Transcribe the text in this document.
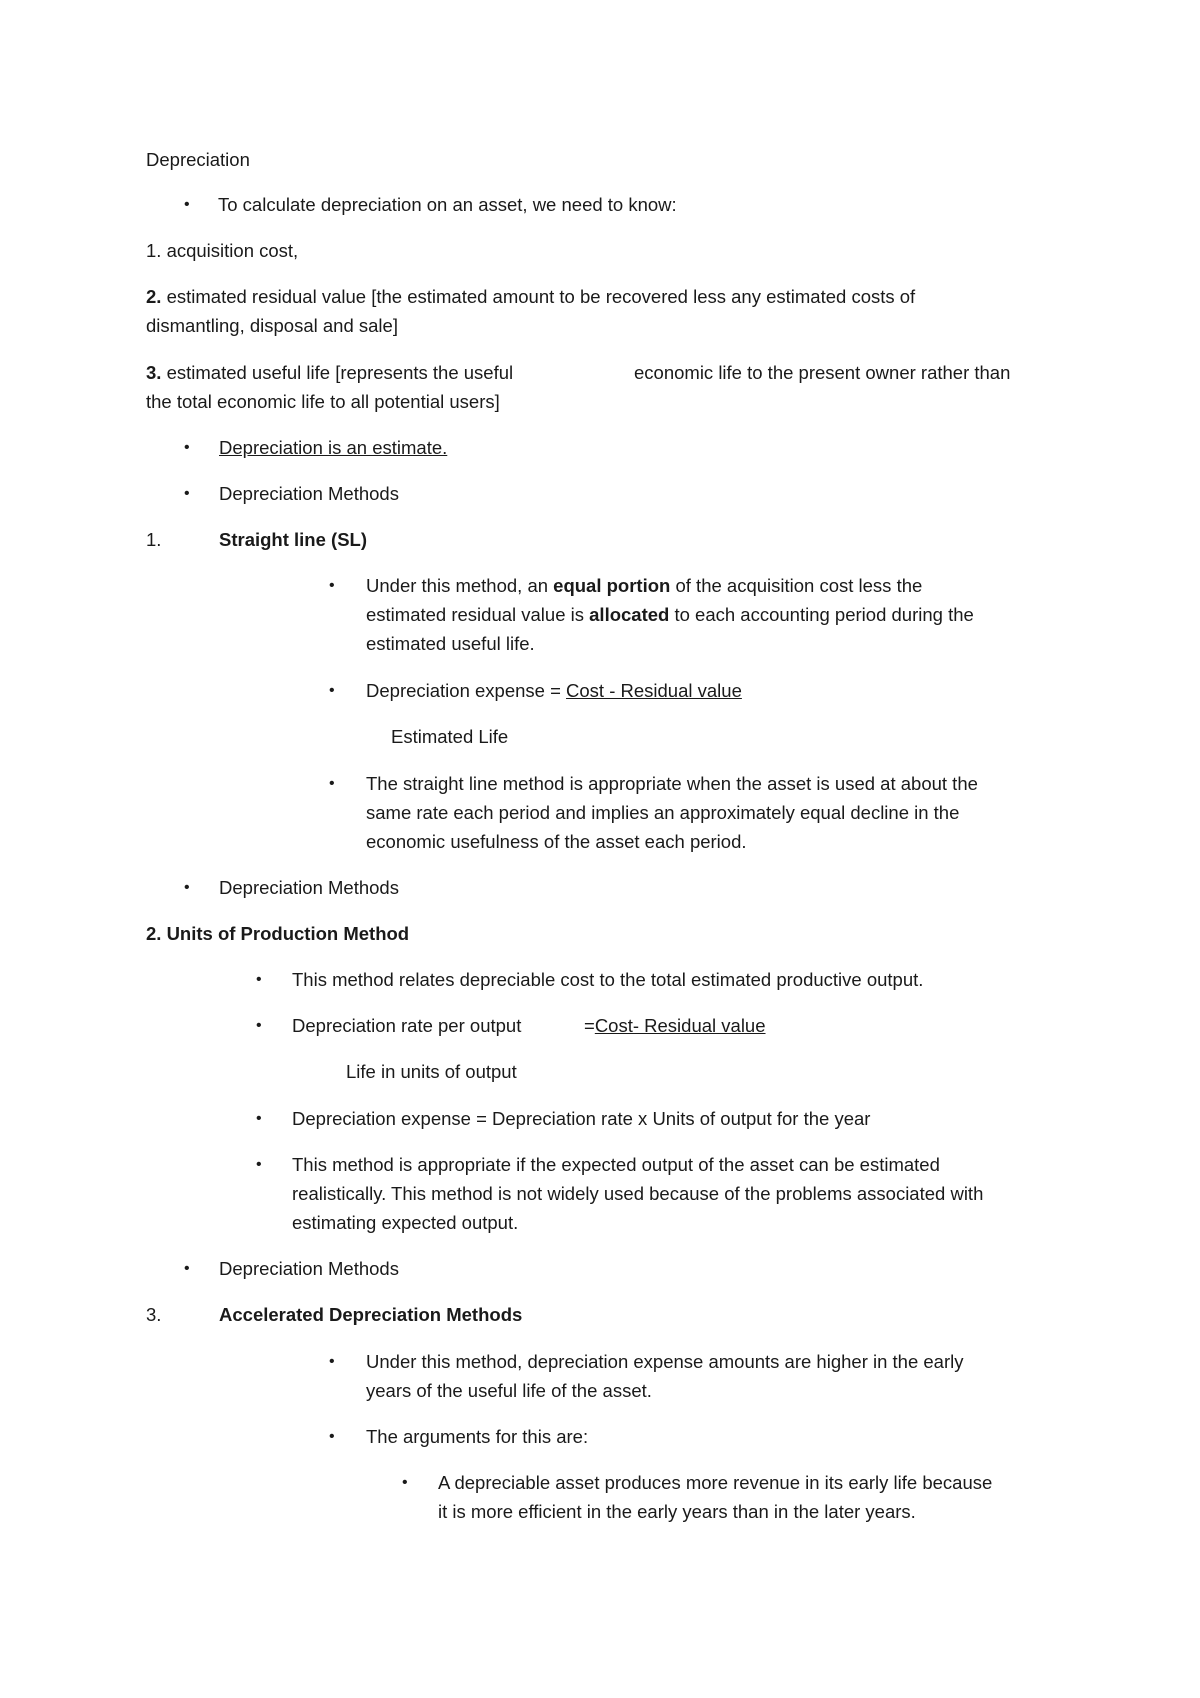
Depreciation

• To calculate depreciation on an asset, we need to know:

1. acquisition cost,

2. estimated residual value [the estimated amount to be recovered less any estimated costs of

dismantling, disposal and sale]

3. estimated useful life [represents the useful	economic life to the present owner rather than

the total economic life to all potential users]

• Depreciation is an estimate.

• Depreciation Methods

1.	Straight line (SL)

• Under this method, an equal portion of the acquisition cost less the

estimated residual value is allocated to each accounting period during the

estimated useful life.

• Depreciation expense = Cost - Residual value

Estimated Life

• The straight line method is appropriate when the asset is used at about the

same rate each period and implies an approximately equal decline in the

economic usefulness of the asset each period.

• Depreciation Methods

2. Units of Production Method

• This method relates depreciable cost to the total estimated productive output.

• Depreciation rate per output	=Cost- Residual value

Life in units of output

• Depreciation expense = Depreciation rate x Units of output for the year

• This method is appropriate if the expected output of the asset can be estimated

realistically. This method is not widely used because of the problems associated with

estimating expected output.

• Depreciation Methods

3.	Accelerated Depreciation Methods

• Under this method, depreciation expense amounts are higher in the early

years of the useful life of the asset.

• The arguments for this are:

• A depreciable asset produces more revenue in its early life because

it is more efficient in the early years than in the later years.
